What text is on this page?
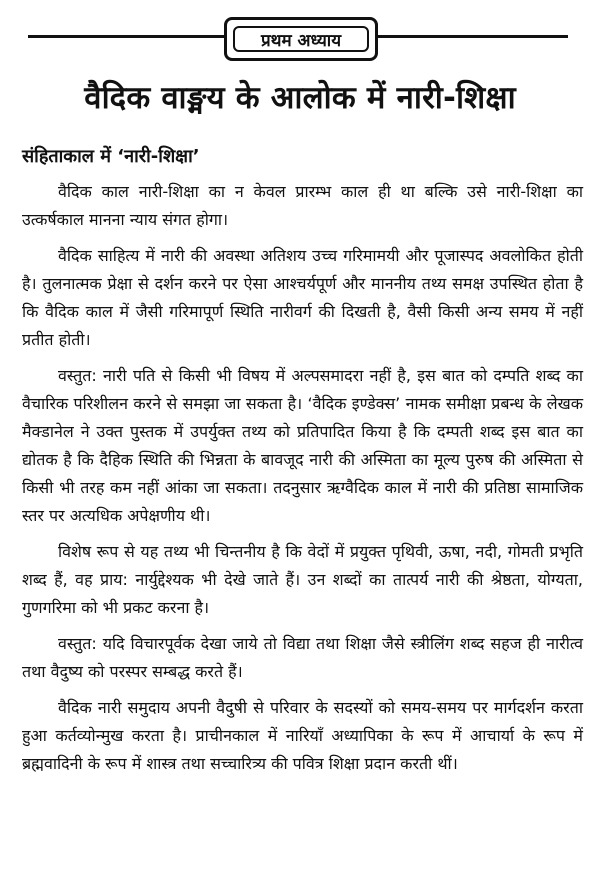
प्रथम अध्याय
वैदिक वाङ्मय के आलोक में नारी-शिक्षा
संहिताकाल में ‘नारी-शिक्षा’

वैदिक काल नारी-शिक्षा का न केवल प्रारम्भ काल ही था बल्कि उसे नारी-शिक्षा का उत्कर्षकाल मानना न्याय संगत होगा।

वैदिक साहित्य में नारी की अवस्था अतिशय उच्च गरिमामयी और पूजास्पद अवलोकित होती है। तुलनात्मक प्रेक्षा से दर्शन करने पर ऐसा आश्चर्यपूर्ण और माननीय तथ्य समक्ष उपस्थित होता है कि वैदिक काल में जैसी गरिमापूर्ण स्थिति नारीवर्ग की दिखती है, वैसी किसी अन्य समय में नहीं प्रतीत होती।

वस्तुत: नारी पति से किसी भी विषय में अल्पसमादरा नहीं है, इस बात को दम्पति शब्द का वैचारिक परिशीलन करने से समझा जा सकता है। ‘वैदिक इण्डेक्स’ नामक समीक्षा प्रबन्ध के लेखक मैक्डानेल ने उक्त पुस्तक में उपर्युक्त तथ्य को प्रतिपादित किया है कि दम्पती शब्द इस बात का द्योतक है कि दैहिक स्थिति की भिन्नता के बावजूद नारी की अस्मिता का मूल्य पुरुष की अस्मिता से किसी भी तरह कम नहीं आंका जा सकता। तदनुसार ऋग्वैदिक काल में नारी की प्रतिष्ठा सामाजिक स्तर पर अत्यधिक अपेक्षणीय थी।

विशेष रूप से यह तथ्य भी चिन्तनीय है कि वेदों में प्रयुक्त पृथिवी, ऊषा, नदी, गोमती प्रभृति शब्द हैं, वह प्राय: नार्युद्देश्यक भी देखे जाते हैं। उन शब्दों का तात्पर्य नारी की श्रेष्ठता, योग्यता, गुणगरिमा को भी प्रकट करना है।

वस्तुत: यदि विचारपूर्वक देखा जाये तो विद्या तथा शिक्षा जैसे स्त्रीलिंग शब्द सहज ही नारीत्व तथा वैदुष्य को परस्पर सम्बद्ध करते हैं।

वैदिक नारी समुदाय अपनी वैदुषी से परिवार के सदस्यों को समय-समय पर मार्गदर्शन करता हुआ कर्तव्योन्मुख करता है। प्राचीनकाल में नारियाँ अध्यापिका के रूप में आचार्या के रूप में ब्रह्मवादिनी के रूप में शास्त्र तथा सच्चारित्र्य की पवित्र शिक्षा प्रदान करती थीं।
